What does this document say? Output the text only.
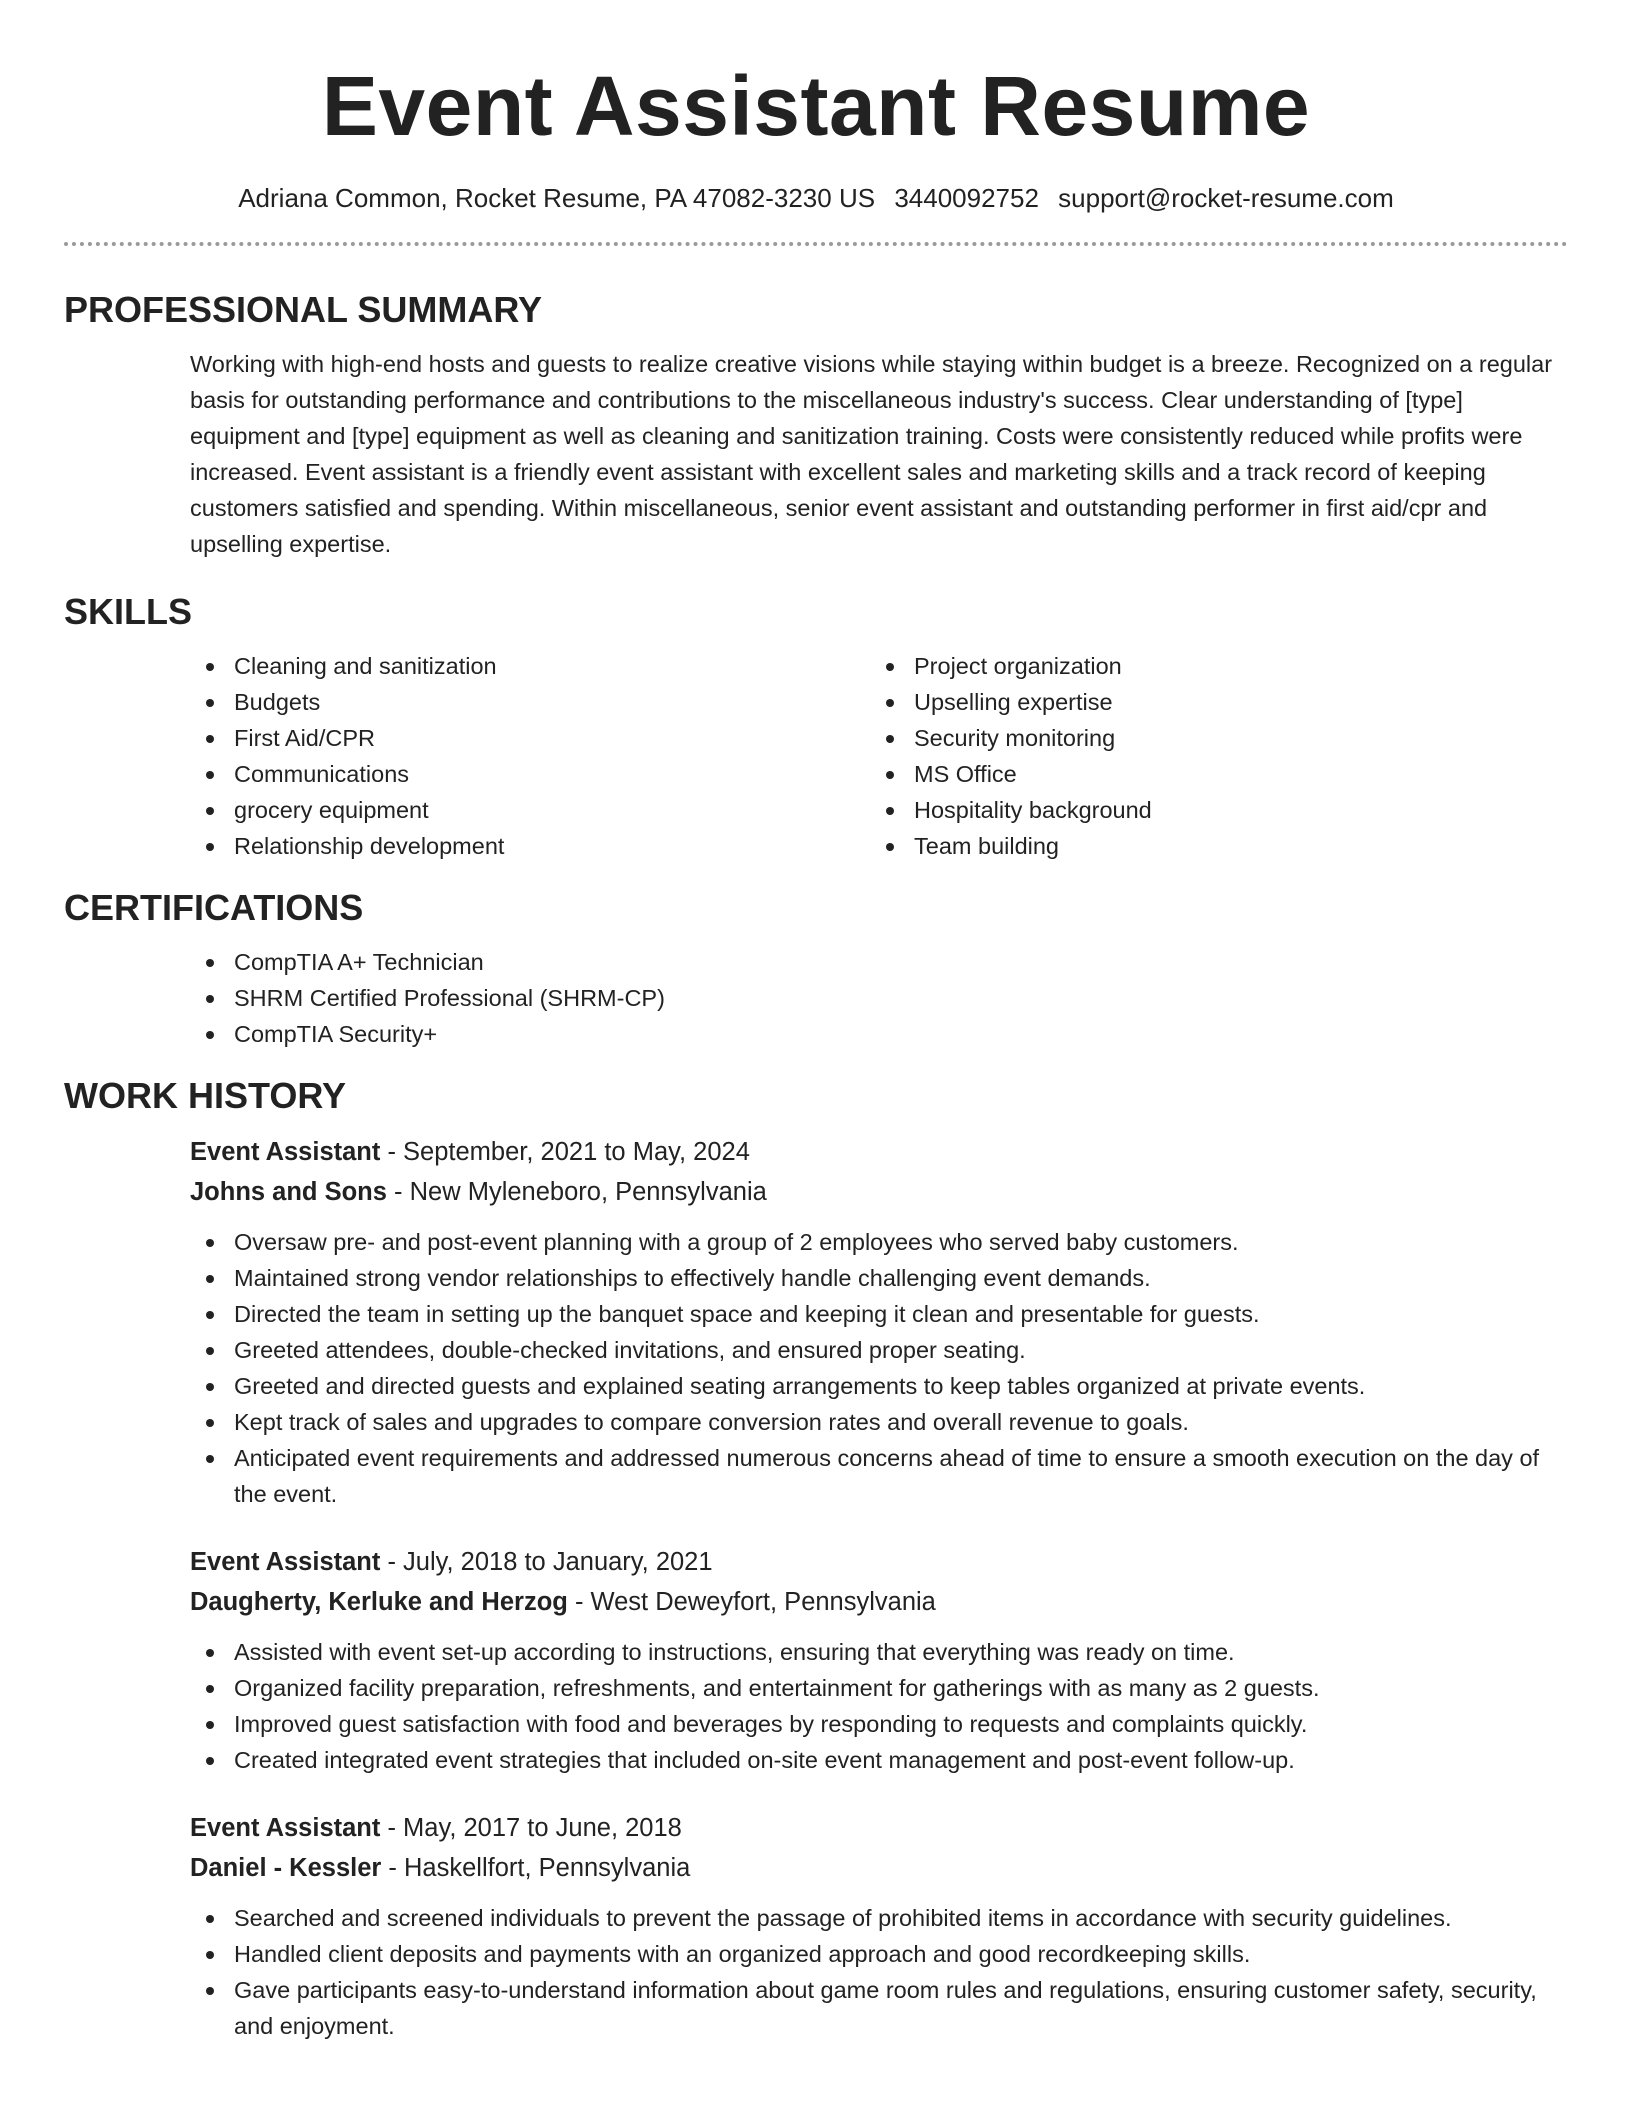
Event Assistant Resume
Adriana Common, Rocket Resume, PA 47082-3230 US 3440092752 support@rocket-resume.com
PROFESSIONAL SUMMARY
Working with high-end hosts and guests to realize creative visions while staying within budget is a breeze. Recognized on a regular basis for outstanding performance and contributions to the miscellaneous industry's success. Clear understanding of [type] equipment and [type] equipment as well as cleaning and sanitization training. Costs were consistently reduced while profits were increased. Event assistant is a friendly event assistant with excellent sales and marketing skills and a track record of keeping customers satisfied and spending. Within miscellaneous, senior event assistant and outstanding performer in first aid/cpr and upselling expertise.
SKILLS
Cleaning and sanitization
Budgets
First Aid/CPR
Communications
grocery equipment
Relationship development
Project organization
Upselling expertise
Security monitoring
MS Office
Hospitality background
Team building
CERTIFICATIONS
CompTIA A+ Technician
SHRM Certified Professional (SHRM-CP)
CompTIA Security+
WORK HISTORY
Event Assistant - September, 2021 to May, 2024
Johns and Sons - New Myleneboro, Pennsylvania
Oversaw pre- and post-event planning with a group of 2 employees who served baby customers.
Maintained strong vendor relationships to effectively handle challenging event demands.
Directed the team in setting up the banquet space and keeping it clean and presentable for guests.
Greeted attendees, double-checked invitations, and ensured proper seating.
Greeted and directed guests and explained seating arrangements to keep tables organized at private events.
Kept track of sales and upgrades to compare conversion rates and overall revenue to goals.
Anticipated event requirements and addressed numerous concerns ahead of time to ensure a smooth execution on the day of the event.
Event Assistant - July, 2018 to January, 2021
Daugherty, Kerluke and Herzog - West Deweyfort, Pennsylvania
Assisted with event set-up according to instructions, ensuring that everything was ready on time.
Organized facility preparation, refreshments, and entertainment for gatherings with as many as 2 guests.
Improved guest satisfaction with food and beverages by responding to requests and complaints quickly.
Created integrated event strategies that included on-site event management and post-event follow-up.
Event Assistant - May, 2017 to June, 2018
Daniel - Kessler - Haskellfort, Pennsylvania
Searched and screened individuals to prevent the passage of prohibited items in accordance with security guidelines.
Handled client deposits and payments with an organized approach and good recordkeeping skills.
Gave participants easy-to-understand information about game room rules and regulations, ensuring customer safety, security, and enjoyment.
